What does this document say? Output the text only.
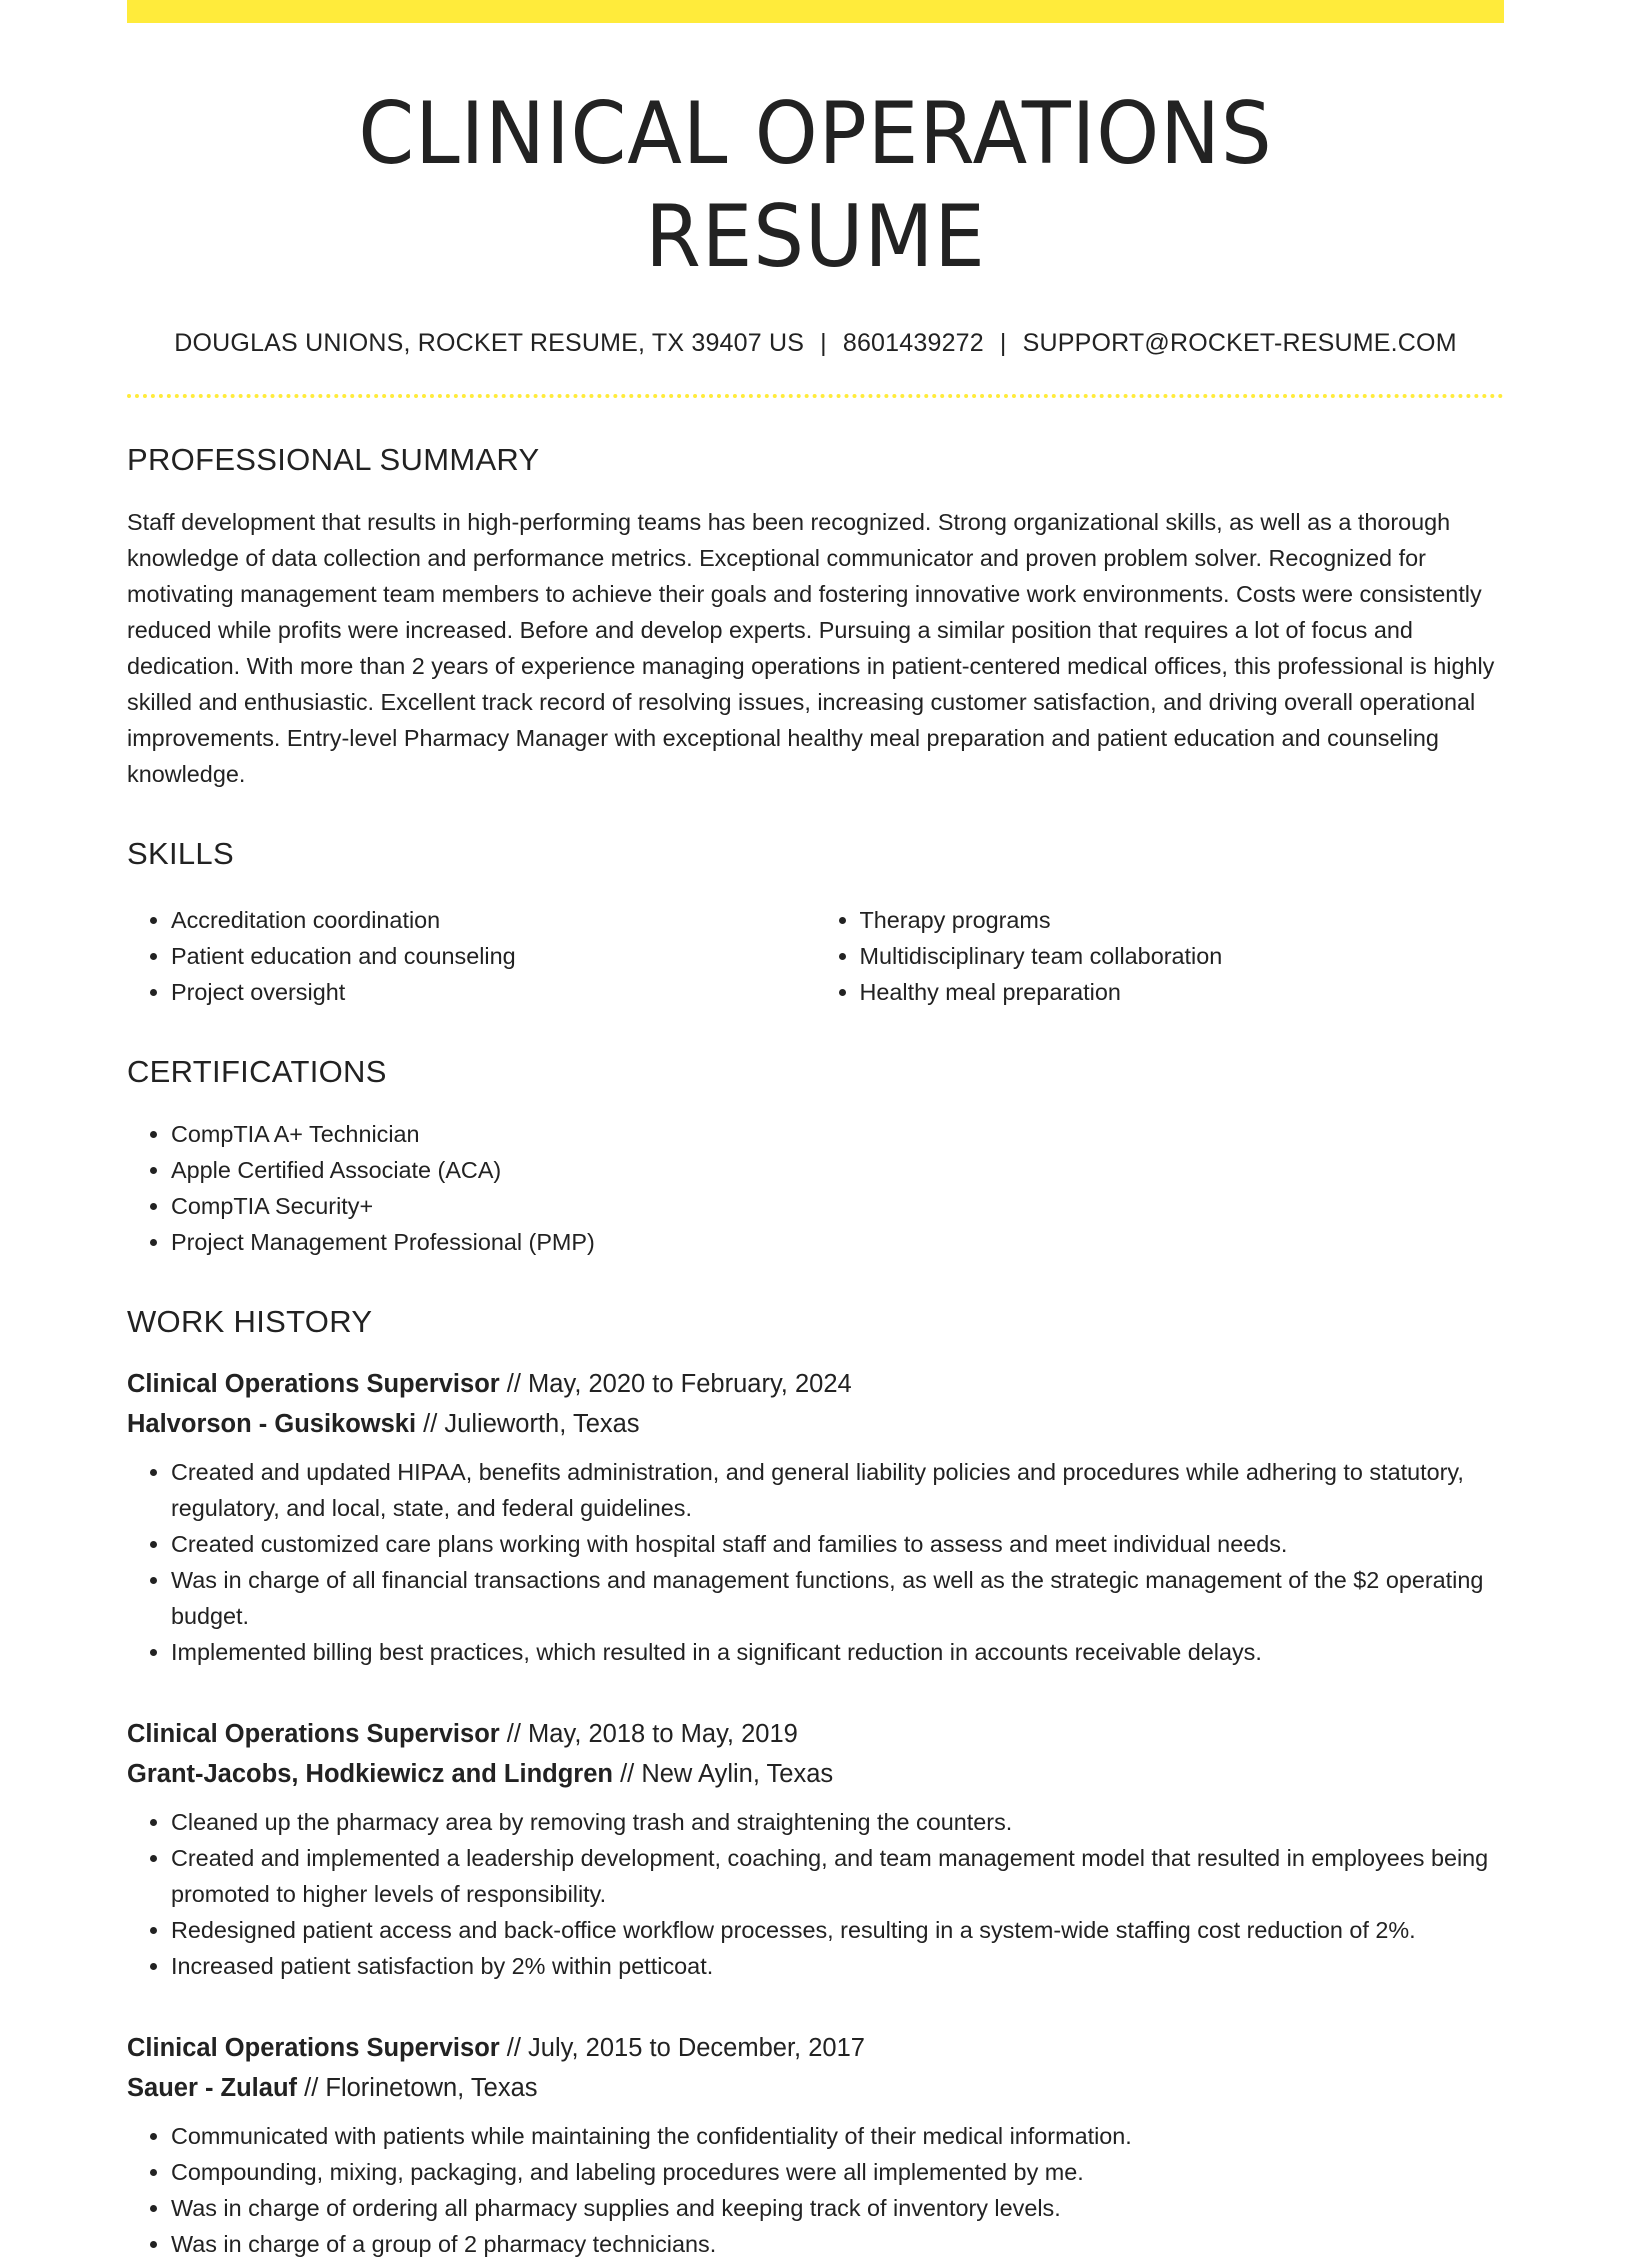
CLINICAL OPERATIONS RESUME
DOUGLAS UNIONS, ROCKET RESUME, TX 39407 US | 8601439272 | SUPPORT@ROCKET-RESUME.COM
PROFESSIONAL SUMMARY

Staff development that results in high-performing teams has been recognized. Strong organizational skills, as well as a thorough knowledge of data collection and performance metrics. Exceptional communicator and proven problem solver. Recognized for motivating management team members to achieve their goals and fostering innovative work environments. Costs were consistently reduced while profits were increased. Before and develop experts. Pursuing a similar position that requires a lot of focus and dedication. With more than 2 years of experience managing operations in patient-centered medical offices, this professional is highly skilled and enthusiastic. Excellent track record of resolving issues, increasing customer satisfaction, and driving overall operational improvements. Entry-level Pharmacy Manager with exceptional healthy meal preparation and patient education and counseling knowledge.

SKILLS
• Accreditation coordination
• Patient education and counseling
• Project oversight
• Therapy programs
• Multidisciplinary team collaboration
• Healthy meal preparation
CERTIFICATIONS
• CompTIA A+ Technician
• Apple Certified Associate (ACA)
• CompTIA Security+
• Project Management Professional (PMP)
WORK HISTORY
Clinical Operations Supervisor // May, 2020 to February, 2024
Halvorson - Gusikowski // Julieworth, Texas
• Created and updated HIPAA, benefits administration, and general liability policies and procedures while adhering to statutory, regulatory, and local, state, and federal guidelines.
• Created customized care plans working with hospital staff and families to assess and meet individual needs.
• Was in charge of all financial transactions and management functions, as well as the strategic management of the $2 operating budget.
• Implemented billing best practices, which resulted in a significant reduction in accounts receivable delays.
Clinical Operations Supervisor // May, 2018 to May, 2019
Grant-Jacobs, Hodkiewicz and Lindgren // New Aylin, Texas
• Cleaned up the pharmacy area by removing trash and straightening the counters.
• Created and implemented a leadership development, coaching, and team management model that resulted in employees being promoted to higher levels of responsibility.
• Redesigned patient access and back-office workflow processes, resulting in a system-wide staffing cost reduction of 2%.
• Increased patient satisfaction by 2% within petticoat.
Clinical Operations Supervisor // July, 2015 to December, 2017
Sauer - Zulauf // Florinetown, Texas
• Communicated with patients while maintaining the confidentiality of their medical information.
• Compounding, mixing, packaging, and labeling procedures were all implemented by me.
• Was in charge of ordering all pharmacy supplies and keeping track of inventory levels.
• Was in charge of a group of 2 pharmacy technicians.
